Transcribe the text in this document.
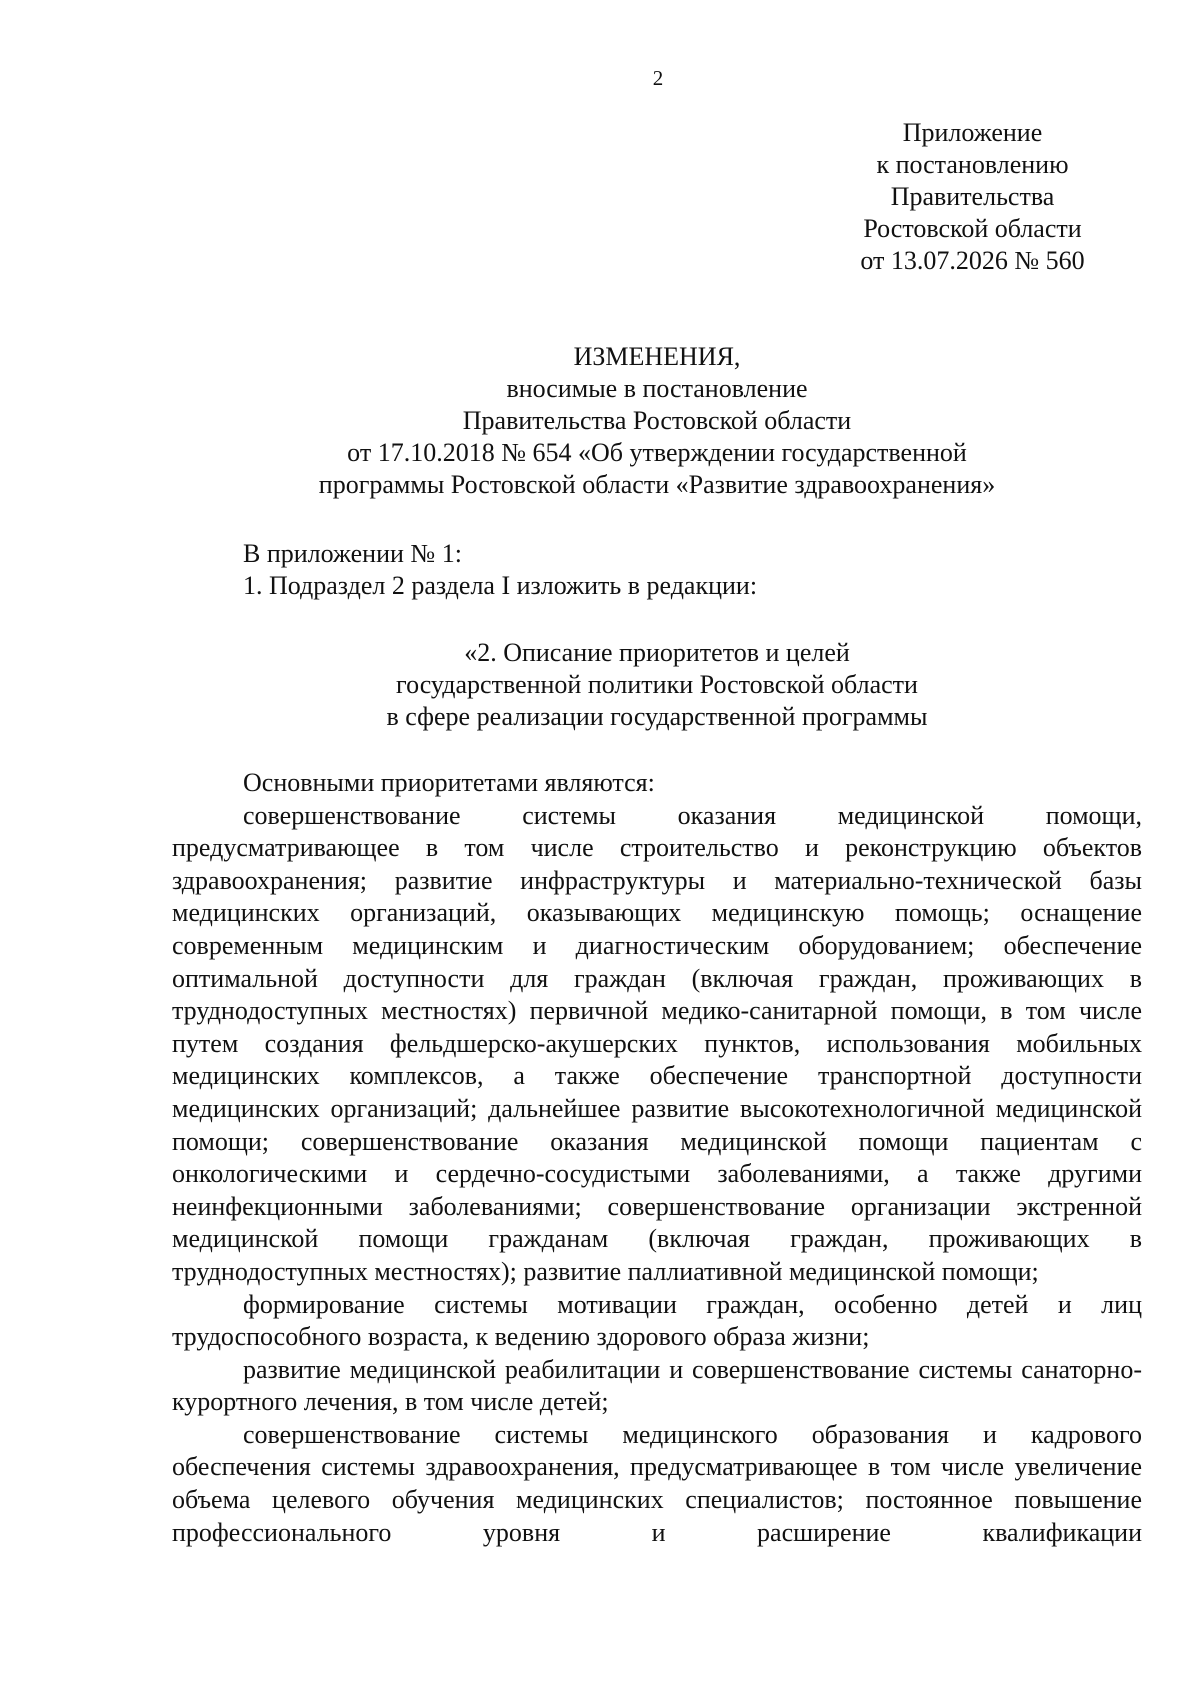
2
Приложение
к постановлению
Правительства
Ростовской области
от 13.07.2026 № 560
ИЗМЕНЕНИЯ,
вносимые в постановление
Правительства Ростовской области
от 17.10.2018 № 654 «Об утверждении государственной
программы Ростовской области «Развитие здравоохранения»
В приложении № 1:
1. Подраздел 2 раздела I изложить в редакции:
«2. Описание приоритетов и целей
государственной политики Ростовской области
в сфере реализации государственной программы

Основными приоритетами являются:

совершенствование системы оказания медицинской помощи, предусматривающее в том числе строительство и реконструкцию объектов здравоохранения; развитие инфраструктуры и материально-технической базы медицинских организаций, оказывающих медицинскую помощь; оснащение современным медицинским и диагностическим оборудованием; обеспечение оптимальной доступности для граждан (включая граждан, проживающих в труднодоступных местностях) первичной медико-санитарной помощи, в том числе путем создания фельдшерско-акушерских пунктов, использования мобильных медицинских комплексов, а также обеспечение транспортной доступности медицинских организаций; дальнейшее развитие высокотехнологичной медицинской помощи; совершенствование оказания медицинской помощи пациентам с онкологическими и сердечно-сосудистыми заболеваниями, а также другими неинфекционными заболеваниями; совершенствование организации экстренной медицинской помощи гражданам (включая граждан, проживающих в труднодоступных местностях); развитие паллиативной медицинской помощи;

формирование системы мотивации граждан, особенно детей и лиц трудоспособного возраста, к ведению здорового образа жизни;

развитие медицинской реабилитации и совершенствование системы санаторно-курортного лечения, в том числе детей;

совершенствование системы медицинского образования и кадрового обеспечения системы здравоохранения, предусматривающее в том числе увеличение объема целевого обучения медицинских специалистов; постоянное повышение профессионального уровня и расширение квалификации
